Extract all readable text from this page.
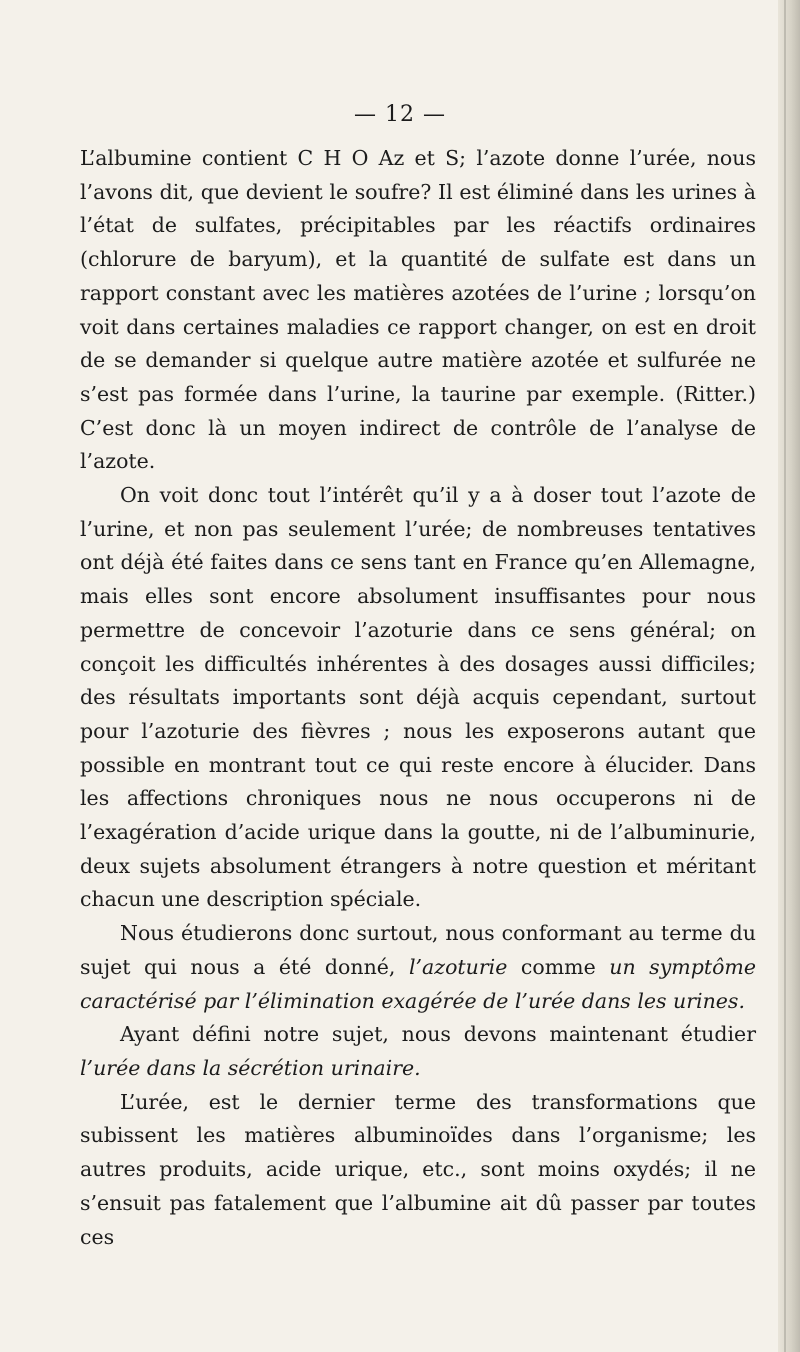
— 12 —

L’albumine contient C H O Az et S; l’azote donne l’urée, nous l’avons dit, que devient le soufre? Il est éliminé dans les urines à l’état de sulfates, précipitables par les réactifs ordinaires (chlorure de baryum), et la quantité de sulfate est dans un rapport constant avec les matières azotées de l’urine ; lorsqu’on voit dans certaines maladies ce rapport changer, on est en droit de se demander si quelque autre matière azotée et sulfurée ne s’est pas formée dans l’urine, la taurine par exemple. (Ritter.) C’est donc là un moyen indirect de contrôle de l’analyse de l’azote.

On voit donc tout l’intérêt qu’il y a à doser tout l’azote de l’urine, et non pas seulement l’urée; de nombreuses tentatives ont déjà été faites dans ce sens tant en France qu’en Allemagne, mais elles sont encore absolument insuffisantes pour nous permettre de concevoir l’azoturie dans ce sens général; on conçoit les difficultés inhérentes à des dosages aussi difficiles; des résultats importants sont déjà acquis cependant, surtout pour l’azoturie des fièvres ; nous les exposerons autant que possible en montrant tout ce qui reste encore à élucider. Dans les affections chroniques nous ne nous occuperons ni de l’exagération d’acide urique dans la goutte, ni de l’albuminurie, deux sujets absolument étrangers à notre question et méritant chacun une description spéciale.

Nous étudierons donc surtout, nous conformant au terme du sujet qui nous a été donné, l’azoturie comme un symptôme caractérisé par l’élimination exagérée de l’urée dans les urines.

Ayant défini notre sujet, nous devons maintenant étudier l’urée dans la sécrétion urinaire.

L’urée, est le dernier terme des transformations que subissent les matières albuminoïdes dans l’organisme; les autres produits, acide urique, etc., sont moins oxydés; il ne s’ensuit pas fatalement que l’albumine ait dû passer par toutes ces
